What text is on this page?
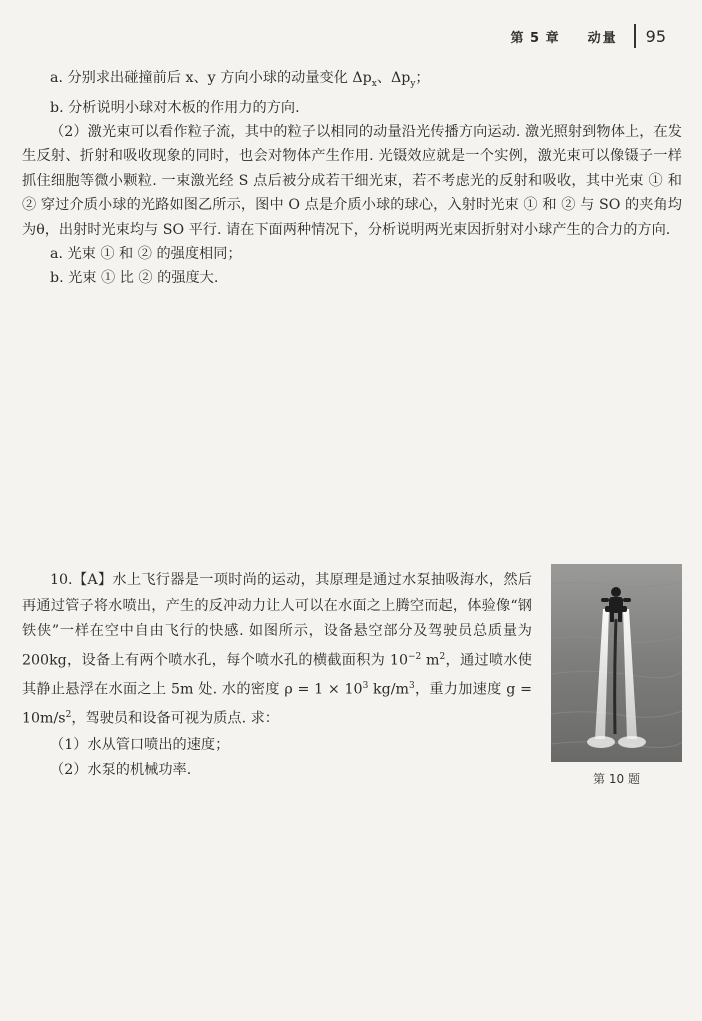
第 5 章 动量 95

a. 分别求出碰撞前后 x、y 方向小球的动量变化 $\Delta p_x$、$\Delta p_y$；

b. 分析说明小球对木板的作用力的方向.

（2）激光束可以看作粒子流，其中的粒子以相同的动量沿光传播方向运动. 激光照射到物体上，在发生反射、折射和吸收现象的同时，也会对物体产生作用. 光镊效应就是一个实例，激光束可以像镊子一样抓住细胞等微小颗粒. 一束激光经 S 点后被分成若干细光束，若不考虑光的反射和吸收，其中光束 ① 和 ② 穿过介质小球的光路如图乙所示，图中 O 点是介质小球的球心，入射时光束 ① 和 ② 与 SO 的夹角均为θ，出射时光束均与 SO 平行. 请在下面两种情况下，分析说明两光束因折射对小球产生的合力的方向.

a. 光束 ① 和 ② 的强度相同；

b. 光束 ① 比 ② 的强度大.

10.【A】水上飞行器是一项时尚的运动，其原理是通过水泵抽吸海水，然后再通过管子将水喷出，产生的反冲动力让人可以在水面之上腾空而起，体验像“钢铁侠”一样在空中自由飞行的快感. 如图所示，设备悬空部分及驾驶员总质量为 200kg，设备上有两个喷水孔，每个喷水孔的横截面积为 $10^{-2}$ $m^2$，通过喷水使其静止悬浮在水面之上 5m 处. 水的密度 $\rho = 1 \times 10^3$ $kg/m^3$，重力加速度 $g = 10m/s^2$，驾驶员和设备可视为质点. 求：

（1）水从管口喷出的速度；

（2）水泵的机械功率.

第 10 题
